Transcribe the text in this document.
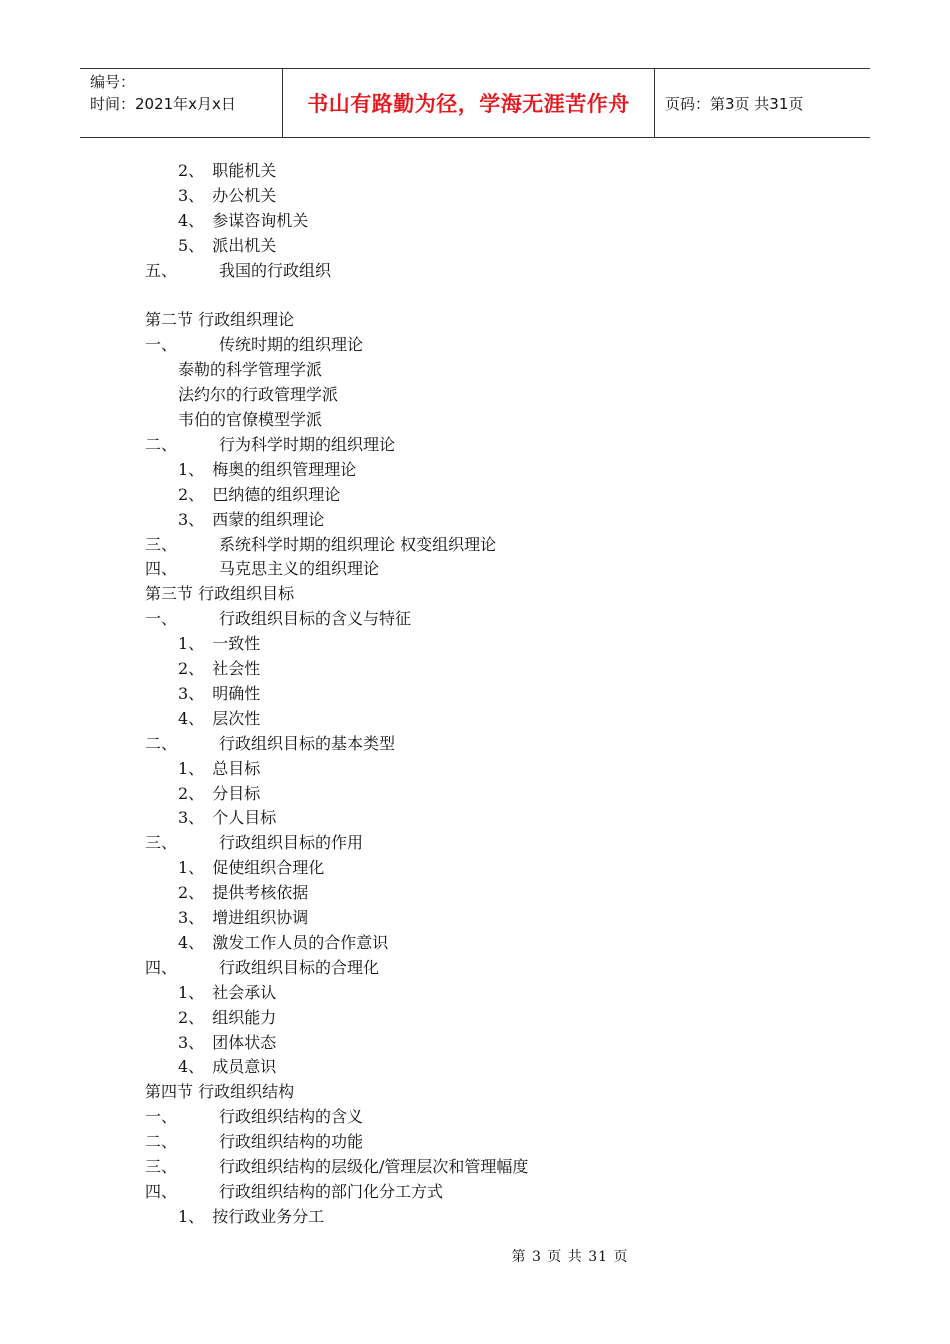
编号：
时间：2021年x月x日	书山有路勤为径，学海无涯苦作舟	页码：第3页 共31页
2、 职能机关
3、 办公机关
4、 参谋咨询机关
5、 派出机关
五、	我国的行政组织
第二节 行政组织理论
一、	传统时期的组织理论
泰勒的科学管理学派
法约尔的行政管理学派
韦伯的官僚模型学派
二、	行为科学时期的组织理论
1、 梅奥的组织管理理论
2、 巴纳德的组织理论
3、 西蒙的组织理论
三、	系统科学时期的组织理论 权变组织理论
四、	马克思主义的组织理论
第三节 行政组织目标
一、	行政组织目标的含义与特征
1、 一致性
2、 社会性
3、 明确性
4、 层次性
二、	行政组织目标的基本类型
1、 总目标
2、 分目标
3、 个人目标
三、	行政组织目标的作用
1、 促使组织合理化
2、 提供考核依据
3、 增进组织协调
4、 激发工作人员的合作意识
四、	行政组织目标的合理化
1、 社会承认
2、 组织能力
3、 团体状态
4、 成员意识
第四节 行政组织结构
一、	行政组织结构的含义
二、	行政组织结构的功能
三、	行政组织结构的层级化/管理层次和管理幅度
四、	行政组织结构的部门化分工方式
1、 按行政业务分工
第 3 页 共 31 页
